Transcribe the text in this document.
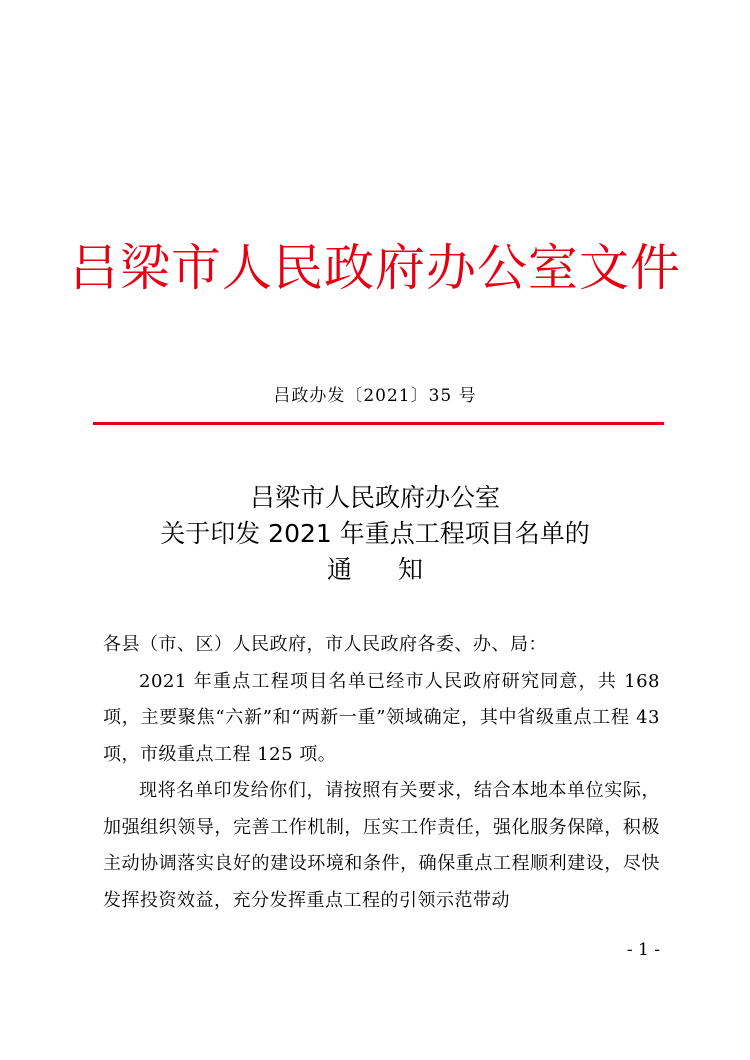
吕梁市人民政府办公室文件
吕政办发〔2021〕35 号
吕梁市人民政府办公室
关于印发 2021 年重点工程项目名单的
通知

各县（市、区）人民政府，市人民政府各委、办、局：

2021 年重点工程项目名单已经市人民政府研究同意，共 168 项，主要聚焦“六新”和“两新一重”领域确定，其中省级重点工程 43 项，市级重点工程 125 项。

现将名单印发给你们，请按照有关要求，结合本地本单位实际，加强组织领导，完善工作机制，压实工作责任，强化服务保障，积极主动协调落实良好的建设环境和条件，确保重点工程顺利建设，尽快发挥投资效益，充分发挥重点工程的引领示范带动

- 1 -
